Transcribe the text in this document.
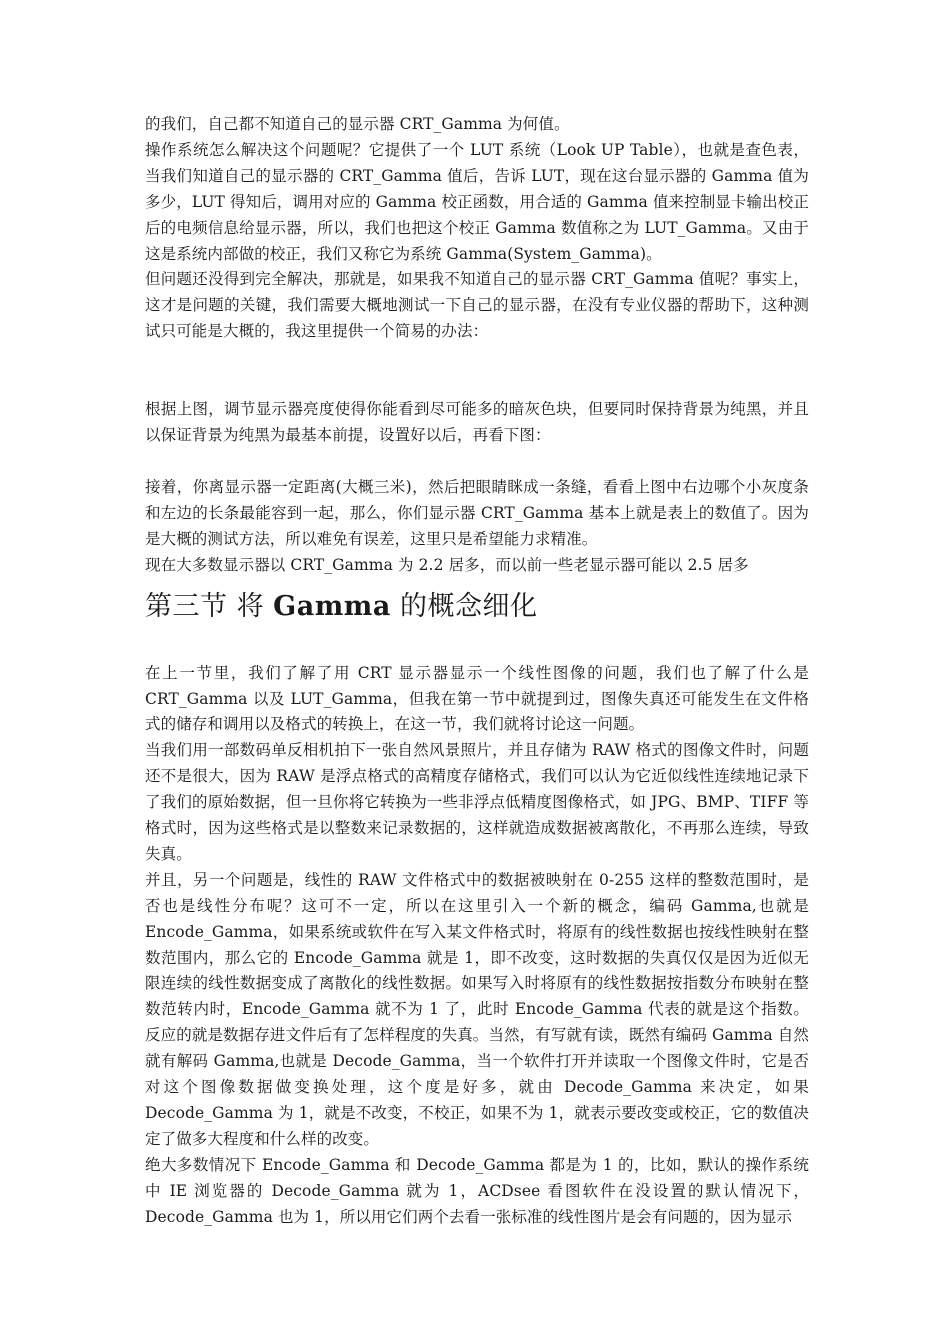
的我们，自己都不知道自己的显示器 CRT_Gamma 为何值。

操作系统怎么解决这个问题呢？它提供了一个 LUT 系统（Look UP Table），也就是查色表，当我们知道自己的显示器的 CRT_Gamma 值后，告诉 LUT，现在这台显示器的 Gamma 值为多少，LUT 得知后，调用对应的 Gamma 校正函数，用合适的 Gamma 值来控制显卡输出校正后的电频信息给显示器，所以，我们也把这个校正 Gamma 数值称之为 LUT_Gamma。又由于这是系统内部做的校正，我们又称它为系统 Gamma(System_Gamma)。

但问题还没得到完全解决，那就是，如果我不知道自己的显示器 CRT_Gamma 值呢？事实上，这才是问题的关键，我们需要大概地测试一下自己的显示器，在没有专业仪器的帮助下，这种测试只可能是大概的，我这里提供一个简易的办法：

根据上图，调节显示器亮度使得你能看到尽可能多的暗灰色块，但要同时保持背景为纯黑，并且以保证背景为纯黑为最基本前提，设置好以后，再看下图：

接着，你离显示器一定距离(大概三米)，然后把眼睛眯成一条缝，看看上图中右边哪个小灰度条和左边的长条最能容到一起，那么，你们显示器 CRT_Gamma 基本上就是表上的数值了。因为是大概的测试方法，所以难免有误差，这里只是希望能力求精准。

现在大多数显示器以 CRT_Gamma 为 2.2 居多，而以前一些老显示器可能以 2.5 居多

第三节 将 Gamma 的概念细化

在上一节里，我们了解了用 CRT 显示器显示一个线性图像的问题，我们也了解了什么是 CRT_Gamma 以及 LUT_Gamma，但我在第一节中就提到过，图像失真还可能发生在文件格式的储存和调用以及格式的转换上，在这一节，我们就将讨论这一问题。

当我们用一部数码单反相机拍下一张自然风景照片，并且存储为 RAW 格式的图像文件时，问题还不是很大，因为 RAW 是浮点格式的高精度存储格式，我们可以认为它近似线性连续地记录下了我们的原始数据，但一旦你将它转换为一些非浮点低精度图像格式，如 JPG、BMP、TIFF 等格式时，因为这些格式是以整数来记录数据的，这样就造成数据被离散化，不再那么连续，导致失真。

并且，另一个问题是，线性的 RAW 文件格式中的数据被映射在 0-255 这样的整数范围时，是否也是线性分布呢？这可不一定，所以在这里引入一个新的概念，编码 Gamma,也就是 Encode_Gamma，如果系统或软件在写入某文件格式时，将原有的线性数据也按线性映射在整数范围内，那么它的 Encode_Gamma 就是 1，即不改变，这时数据的失真仅仅是因为近似无限连续的线性数据变成了离散化的线性数据。如果写入时将原有的线性数据按指数分布映射在整数范转内时，Encode_Gamma 就不为 1 了，此时 Encode_Gamma 代表的就是这个指数。反应的就是数据存进文件后有了怎样程度的失真。当然，有写就有读，既然有编码 Gamma 自然就有解码 Gamma,也就是 Decode_Gamma，当一个软件打开并读取一个图像文件时，它是否对这个图像数据做变换处理，这个度是好多，就由 Decode_Gamma 来决定，如果 Decode_Gamma 为 1，就是不改变，不校正，如果不为 1，就表示要改变或校正，它的数值决定了做多大程度和什么样的改变。

绝大多数情况下 Encode_Gamma 和 Decode_Gamma 都是为 1 的，比如，默认的操作系统中 IE 浏览器的 Decode_Gamma 就为 1，ACDsee 看图软件在没设置的默认情况下，Decode_Gamma 也为 1，所以用它们两个去看一张标准的线性图片是会有问题的，因为显示
